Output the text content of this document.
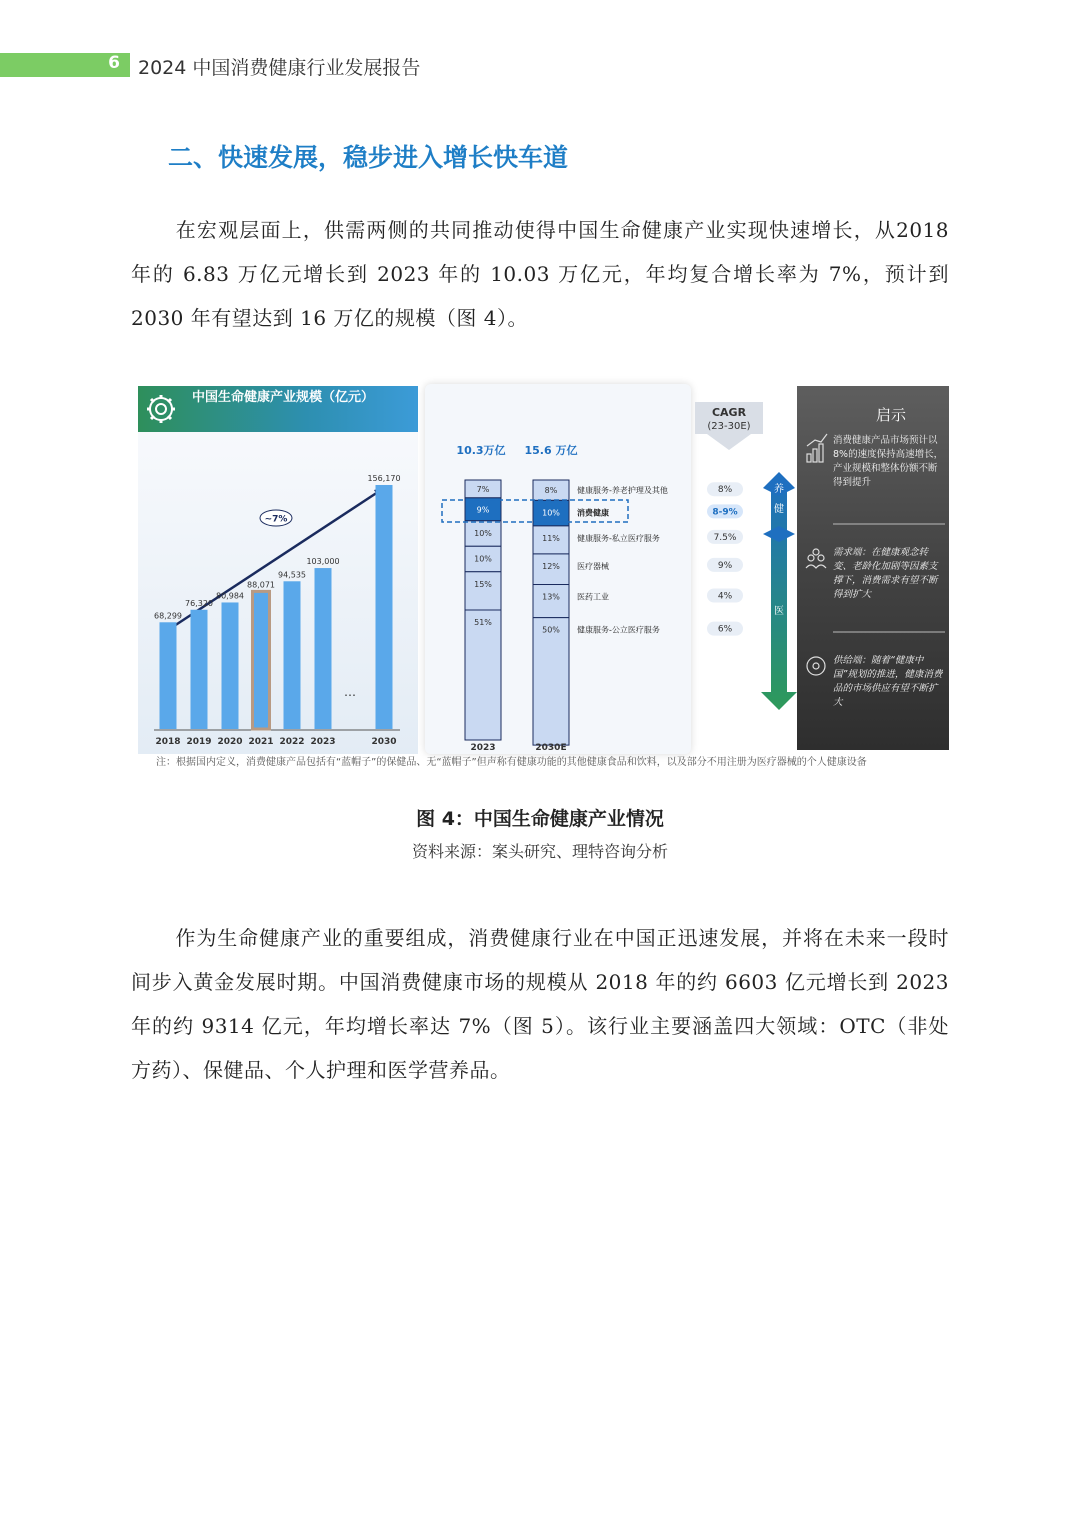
6 2024 中国消费健康行业发展报告
二、快速发展，稳步进入增长快车道
在宏观层面上，供需两侧的共同推动使得中国生命健康产业实现快速增长，从2018 年的 6.83 万亿元增长到 2023 年的 10.03 万亿元，年均复合增长率为 7%，预计到 2030 年有望达到 16 万亿的规模（图 4）。
中国生命健康产业规模（亿元）
~7%
…
68,299
2018
76,320
2019
80,984
2020
88,071
2021
94,535
2022
103,000
2023
156,170
2030
10.3万亿 15.6 万亿
7%
9%
10%
10%
15%
51%
8%
10%
11%
12%
13%
50%
健康服务-养老护理及其他
消费健康
健康服务-私立医疗服务
医疗器械
医药工业
健康服务-公立医疗服务
2023	2030E
CAGR
(23-30E)
8%
8-9%
7.5%
9%
4%
6%
养
健
医
启示
消费健康产品市场预计以8%的速度保持高速增长，产业规模和整体份额不断得到提升
需求端：在健康观念转变、老龄化加剧等因素支撑下，消费需求有望不断得到扩大
供给端：随着“健康中国”规划的推进，健康消费品的市场供应有望不断扩大
注：根据国内定义，消费健康产品包括有“蓝帽子”的保健品、无“蓝帽子”但声称有健康功能的其他健康食品和饮料，以及部分不用注册为医疗器械的个人健康设备
图 4：中国生命健康产业情况
资料来源：案头研究、理特咨询分析
作为生命健康产业的重要组成，消费健康行业在中国正迅速发展，并将在未来一段时间步入黄金发展时期。中国消费健康市场的规模从 2018 年的约 6603 亿元增长到 2023 年的约 9314 亿元，年均增长率达 7%（图 5）。该行业主要涵盖四大领域：OTC（非处方药）、保健品、个人护理和医学营养品。
